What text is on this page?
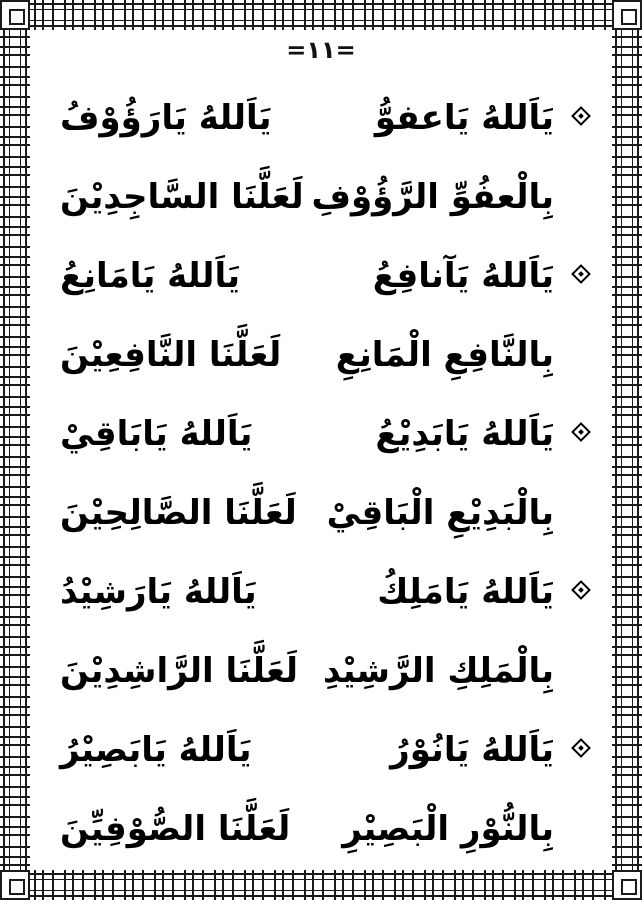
=١١=
يَاَللهُ يَاعفوُّ
يَاَللهُ يَارَؤُوْفُ
بِالْعفُوِّ الرَّؤُوْفِ
لَعَلَّنَا السَّاجِدِيْنَ
يَاَللهُ يَآنافِعُ
يَاَللهُ يَامَانِعُ
بِالنَّافِعِ الْمَانِعِ
لَعَلَّنَا النَّافِعِيْنَ
يَاَللهُ يَابَدِيْعُ
يَاَللهُ يَابَاقِيْ
بِالْبَدِيْعِ الْبَاقِيْ
لَعَلَّنَا الصَّالِحِيْنَ
يَاَللهُ يَامَلِكُ
يَاَللهُ يَارَشِيْدُ
بِالْمَلِكِ الرَّشِيْدِ
لَعَلَّنَا الرَّاشِدِيْنَ
يَاَللهُ يَانُوْرُ
يَاَللهُ يَابَصِيْرُ
بِالنُّوْرِ الْبَصِيْرِ
لَعَلَّنَا الصُّوْفِيِّنَ
